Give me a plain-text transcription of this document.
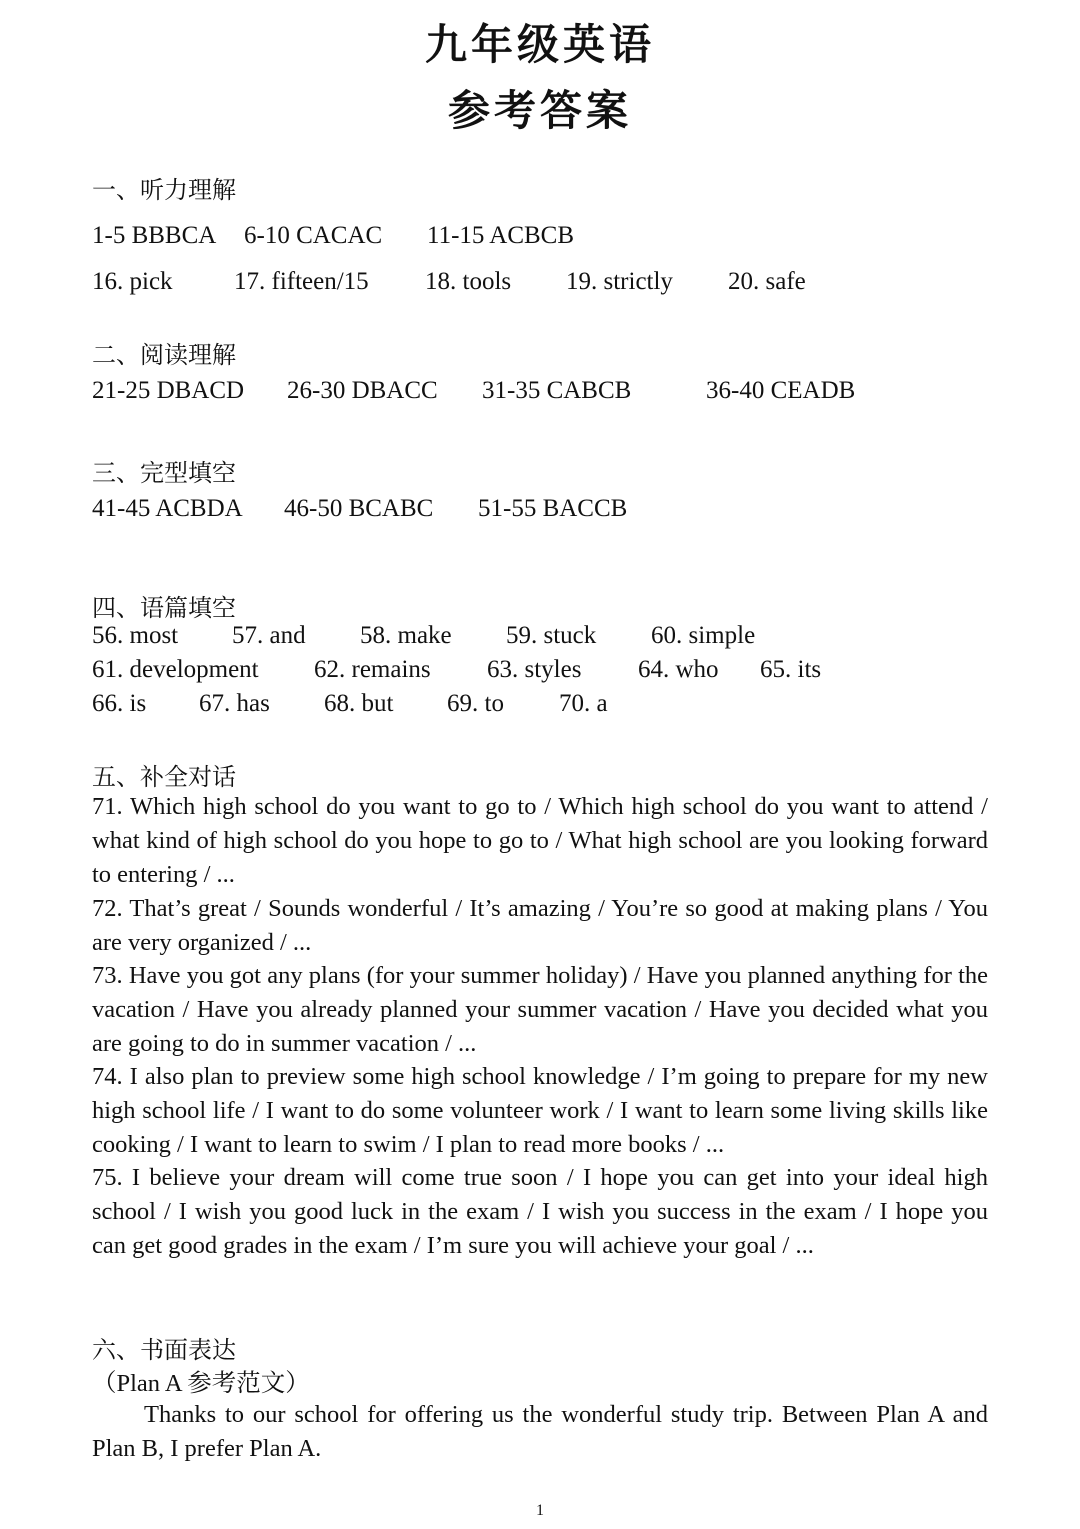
九年级英语
参考答案
一、听力理解
1-5 BBBCA 6-10 CACAC 11-15 ACBCB
16. pick 17. fifteen/15 18. tools 19. strictly 20. safe
二、阅读理解
21-25 DBACD 26-30 DBACC 31-35 CABCB	36-40 CEADB
三、完型填空
41-45 ACBDA 46-50 BCABC 51-55 BACCB
四、语篇填空
56. most 57. and 58. make 59. stuck 60. simple
61. development 62. remains 63. styles 64. who 65. its
66. is 67. has 68. but 69. to 70. a
五、补全对话
71. Which high school do you want to go to / Which high school do you want to attend / what kind of high school do you hope to go to / What high school are you looking forward to entering / ...
72. That’s great / Sounds wonderful / It’s amazing / You’re so good at making plans / You are very organized / ...
73. Have you got any plans (for your summer holiday) / Have you planned anything for the vacation / Have you already planned your summer vacation / Have you decided what you are going to do in summer vacation / ...
74. I also plan to preview some high school knowledge / I’m going to prepare for my new high school life / I want to do some volunteer work / I want to learn some living skills like cooking / I want to learn to swim / I plan to read more books / ...
75. I believe your dream will come true soon / I hope you can get into your ideal high school / I wish you good luck in the exam / I wish you success in the exam / I hope you can get good grades in the exam / I’m sure you will achieve your goal / ...
六、书面表达
（Plan A 参考范文）
Thanks to our school for offering us the wonderful study trip. Between Plan A and Plan B, I prefer Plan A.
1
